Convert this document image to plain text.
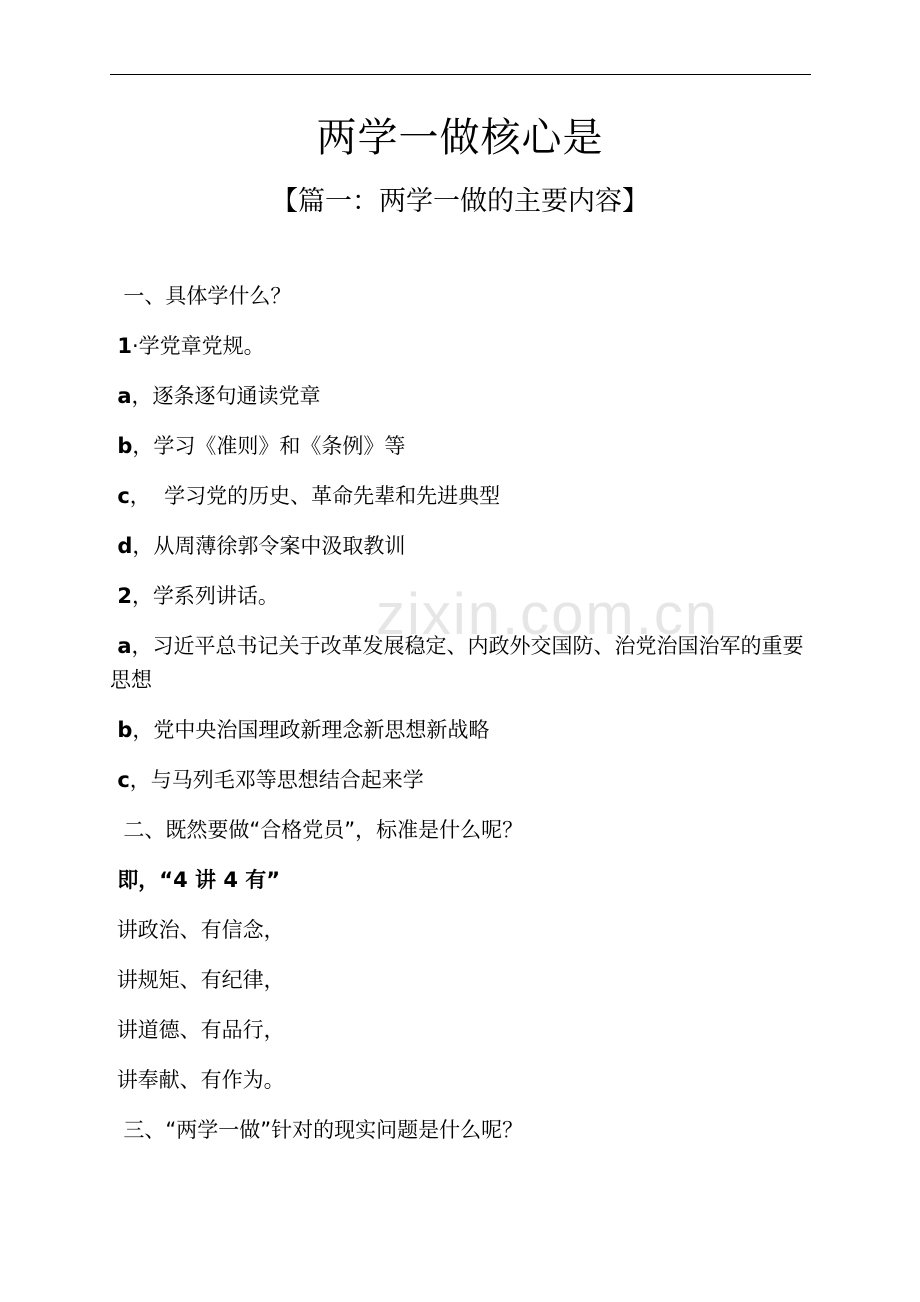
两学一做核心是
【篇一：两学一做的主要内容】
zixin.com.cn
一、具体学什么？
1·学党章党规。
a，逐条逐句通读党章
b，学习《准则》和《条例》等
c，  学习党的历史、革命先辈和先进典型
d，从周薄徐郭令案中汲取教训
2，学系列讲话。
a，习近平总书记关于改革发展稳定、内政外交国防、治党治国治军的重要思想
b，党中央治国理政新理念新思想新战略
c，与马列毛邓等思想结合起来学
二、既然要做“合格党员”，标准是什么呢？
即，“4 讲 4 有”
讲政治、有信念，
讲规矩、有纪律，
讲道德、有品行，
讲奉献、有作为。
三、“两学一做”针对的现实问题是什么呢？
